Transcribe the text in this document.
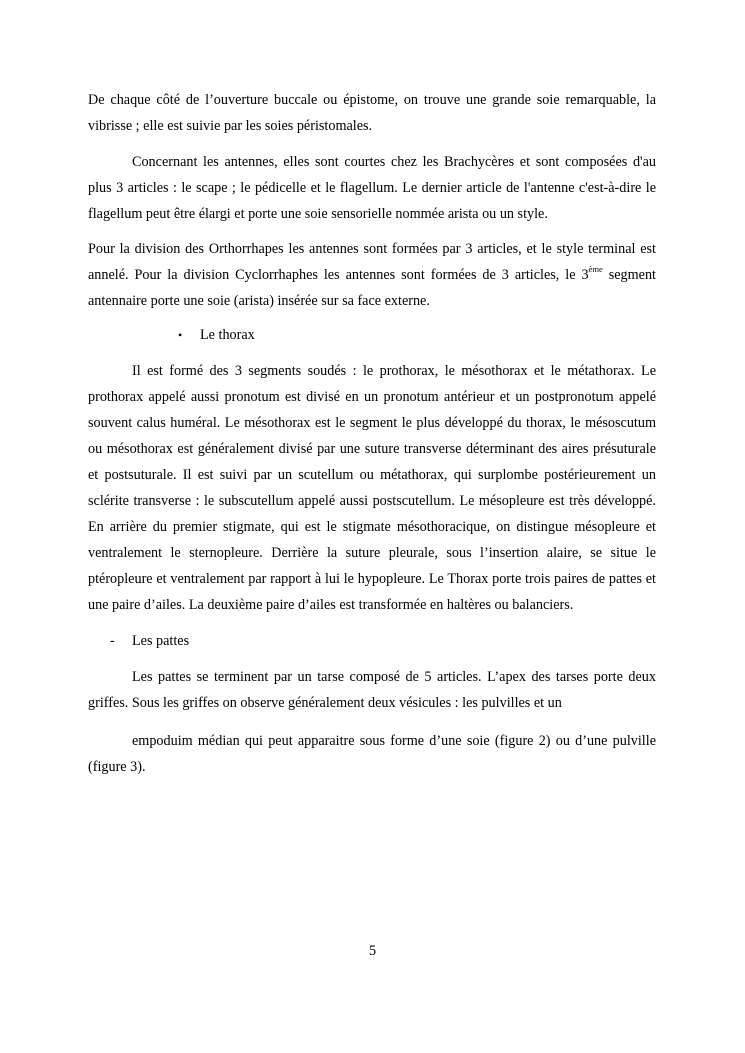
De chaque côté de l’ouverture buccale ou épistome, on trouve une grande soie remarquable, la vibrisse ; elle est suivie par les soies péristomales.

Concernant les antennes, elles sont courtes chez les Brachycères et sont composées d'au plus 3 articles : le scape ; le pédicelle et le flagellum. Le dernier article de l'antenne c'est-à-dire le flagellum peut être élargi et porte une soie sensorielle nommée arista ou un style.

Pour la division des Orthorrhapes les antennes sont formées par 3 articles, et le style terminal est annelé. Pour la division Cyclorrhaphes les antennes sont formées de 3 articles, le 3ème segment antennaire porte une soie (arista) insérée sur sa face externe.

• Le thorax

Il est formé des 3 segments soudés : le prothorax, le mésothorax et le métathorax. Le prothorax appelé aussi pronotum est divisé en un pronotum antérieur et un postpronotum appelé souvent calus huméral. Le mésothorax est le segment le plus développé du thorax, le mésoscutum ou mésothorax est généralement divisé par une suture transverse déterminant des aires présuturale et postsuturale. Il est suivi par un scutellum ou métathorax, qui surplombe postérieurement un sclérite transverse : le subscutellum appelé aussi postscutellum. Le mésopleure est très développé. En arrière du premier stigmate, qui est le stigmate mésothoracique, on distingue mésopleure et ventralement le sternopleure. Derrière la suture pleurale, sous l’insertion alaire, se situe le ptéropleure et ventralement par rapport à lui le hypopleure. Le Thorax porte trois paires de pattes et une paire d’ailes. La deuxième paire d’ailes est transformée en haltères ou balanciers.

- Les pattes

Les pattes se terminent par un tarse composé de 5 articles. L’apex des tarses porte deux griffes. Sous les griffes on observe généralement deux vésicules : les pulvilles et un

empoduim médian qui peut apparaitre sous forme d’une soie (figure 2) ou d’une pulville (figure 3).

5
